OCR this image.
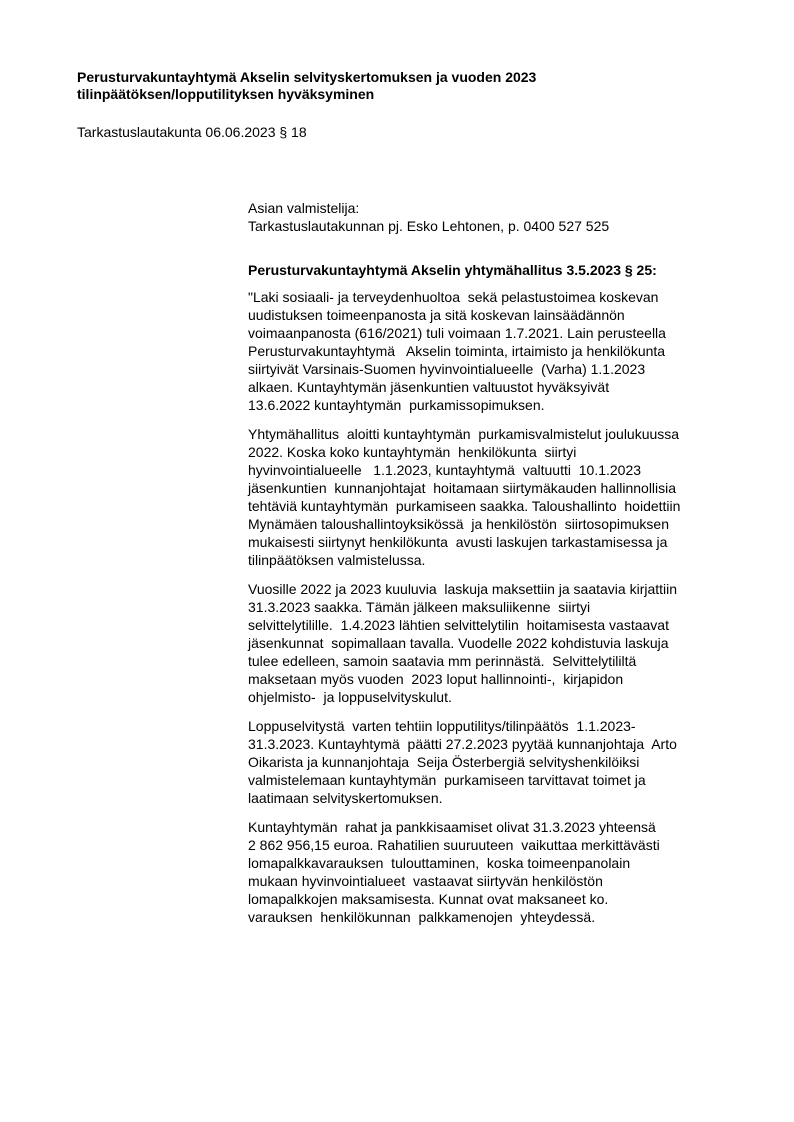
Perusturvakuntayhtymä Akselin selvityskertomuksen ja vuoden 2023
tilinpäätöksen/lopputilityksen hyväksyminen
Tarkastuslautakunta 06.06.2023 § 18
Asian valmistelija:
Tarkastuslautakunnan pj. Esko Lehtonen, p. 0400 527 525
Perusturvakuntayhtymä Akselin yhtymähallitus 3.5.2023 § 25:
"Laki sosiaali- ja terveydenhuoltoa  sekä pelastustoimea koskevan
uudistuksen toimeenpanosta ja sitä koskevan lainsäädännön
voimaanpanosta (616/2021) tuli voimaan 1.7.2021. Lain perusteella
Perusturvakuntayhtymä   Akselin toiminta, irtaimisto ja henkilökunta
siirtyivät Varsinais-Suomen hyvinvointialueelle  (Varha) 1.1.2023
alkaen. Kuntayhtymän jäsenkuntien valtuustot hyväksyivät
13.6.2022 kuntayhtymän  purkamissopimuksen.
Yhtymähallitus  aloitti kuntayhtymän  purkamisvalmistelut joulukuussa
2022. Koska koko kuntayhtymän  henkilökunta  siirtyi
hyvinvointialueelle   1.1.2023, kuntayhtymä  valtuutti  10.1.2023
jäsenkuntien  kunnanjohtajat  hoitamaan siirtymäkauden hallinnollisia
tehtäviä kuntayhtymän  purkamiseen saakka. Taloushallinto  hoidettiin
Mynämäen taloushallintoyksikössä  ja henkilöstön  siirtosopimuksen
mukaisesti siirtynyt henkilökunta  avusti laskujen tarkastamisessa ja
tilinpäätöksen valmistelussa.
Vuosille 2022 ja 2023 kuuluvia  laskuja maksettiin ja saatavia kirjattiin
31.3.2023 saakka. Tämän jälkeen maksuliikenne  siirtyi
selvittelytilille.  1.4.2023 lähtien selvittelytilin  hoitamisesta vastaavat
jäsenkunnat  sopimallaan tavalla. Vuodelle 2022 kohdistuvia laskuja
tulee edelleen, samoin saatavia mm perinnästä.  Selvittelytililtä
maksetaan myös vuoden  2023 loput hallinnointi-,  kirjapidon
ohjelmisto-  ja loppuselvityskulut.
Loppuselvitystä  varten tehtiin lopputilitys/tilinpäätös  1.1.2023-
31.3.2023. Kuntayhtymä  päätti 27.2.2023 pyytää kunnanjohtaja  Arto
Oikarista ja kunnanjohtaja  Seija Österbergiä selvityshenkilöiksi
valmistelemaan kuntayhtymän  purkamiseen tarvittavat toimet ja
laatimaan selvityskertomuksen.
Kuntayhtymän  rahat ja pankkisaamiset olivat 31.3.2023 yhteensä
2 862 956,15 euroa. Rahatilien suuruuteen  vaikuttaa merkittävästi
lomapalkkavarauksen  tulouttaminen,  koska toimeenpanolain
mukaan hyvinvointialueet  vastaavat siirtyvän henkilöstön
lomapalkkojen maksamisesta. Kunnat ovat maksaneet ko.
varauksen  henkilökunnan  palkkamenojen  yhteydessä.
